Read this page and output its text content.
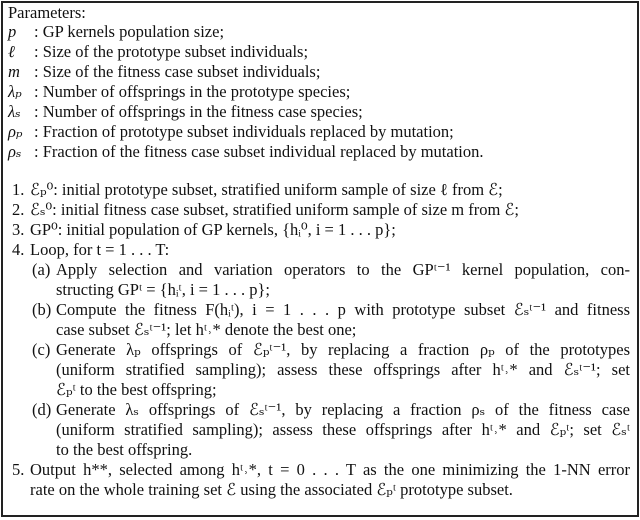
Parameters:
p : GP kernels population size;
ℓ : Size of the prototype subset individuals;
m : Size of the fitness case subset individuals;
λₚ : Number of offsprings in the prototype species;
λₛ : Number of offsprings in the fitness case species;
ρₚ : Fraction of prototype subset individuals replaced by mutation;
ρₛ : Fraction of the fitness case subset individual replaced by mutation.
1. ℰₚ⁰: initial prototype subset, stratified uniform sample of size ℓ from ℰ;
2. ℰₛ⁰: initial fitness case subset, stratified uniform sample of size m from ℰ;
3. GP⁰: initial population of GP kernels, {hᵢ⁰, i = 1 . . . p};
4. Loop, for t = 1 . . . T:
(a) Apply selection and variation operators to the GPᵗ⁻¹ kernel population, con-
structing GPᵗ = {hᵢᵗ, i = 1 . . . p};
(b) Compute the fitness F(hᵢᵗ), i = 1 . . . p with prototype subset ℰₛᵗ⁻¹ and fitness
case subset ℰₛᵗ⁻¹; let hᵗ˒* denote the best one;
(c) Generate λₚ offsprings of ℰₚᵗ⁻¹, by replacing a fraction ρₚ of the prototypes
(uniform stratified sampling); assess these offsprings after hᵗ˒* and ℰₛᵗ⁻¹; set
ℰₚᵗ to the best offspring;
(d) Generate λₛ offsprings of ℰₛᵗ⁻¹, by replacing a fraction ρₛ of the fitness case
(uniform stratified sampling); assess these offsprings after hᵗ˒* and ℰₚᵗ; set ℰₛᵗ
to the best offspring.
5. Output h**, selected among hᵗ˒*, t = 0 . . . T as the one minimizing the 1-NN error
rate on the whole training set ℰ using the associated ℰₚᵗ prototype subset.
